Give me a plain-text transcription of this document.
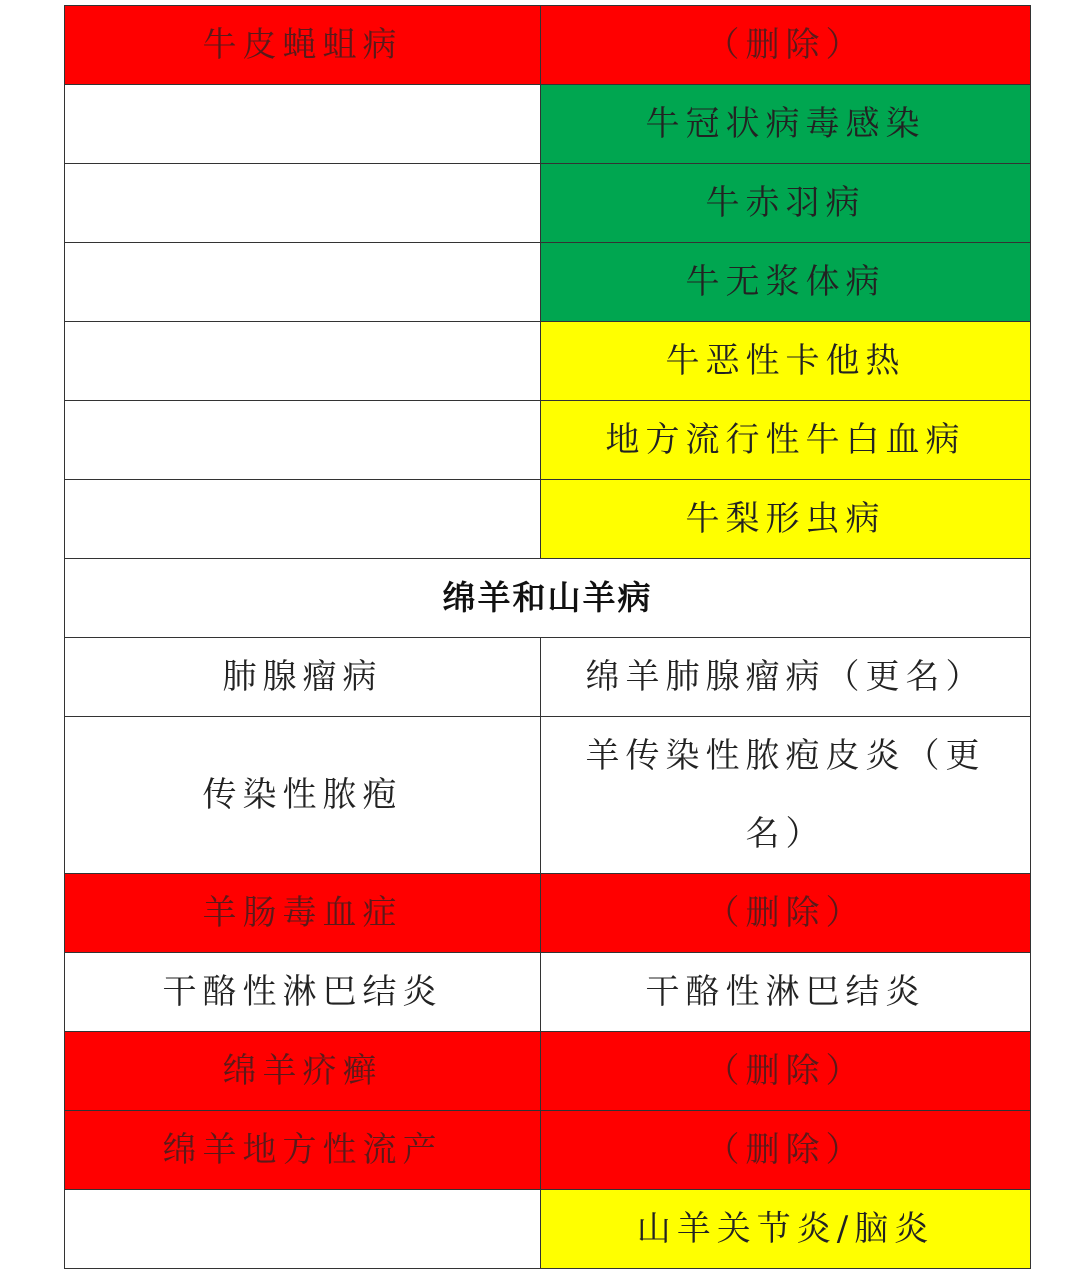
牛皮蝇蛆病	（删除）
	牛冠状病毒感染
	牛赤羽病
	牛无浆体病
	牛恶性卡他热
	地方流行性牛白血病
	牛梨形虫病
绵羊和山羊病	
肺腺瘤病	绵羊肺腺瘤病（更名）
传染性脓疱	羊传染性脓疱皮炎（更名）
羊肠毒血症	（删除）
干酪性淋巴结炎	干酪性淋巴结炎
绵羊疥癣	（删除）
绵羊地方性流产	（删除）
	山羊关节炎/脑炎
